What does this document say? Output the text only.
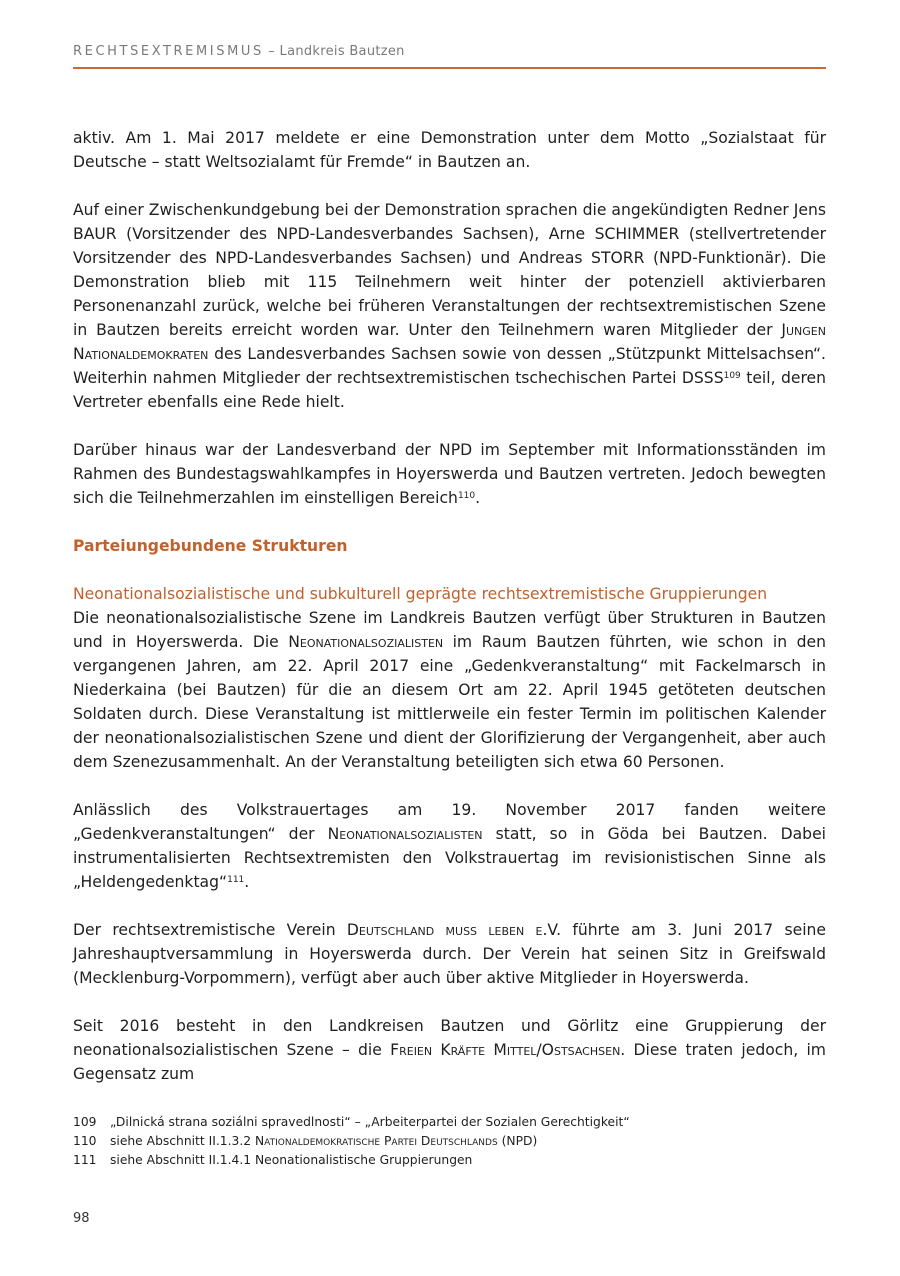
RECHTSEXTREMISMUS – Landkreis Bautzen

aktiv. Am 1. Mai 2017 meldete er eine Demonstration unter dem Motto „Sozialstaat für Deutsche – statt Weltsozialamt für Fremde“ in Bautzen an.

Auf einer Zwischenkundgebung bei der Demonstration sprachen die angekündigten Redner Jens BAUR (Vorsitzender des NPD-Landesverbandes Sachsen), Arne SCHIMMER (stellvertretender Vorsitzender des NPD-Landesverbandes Sachsen) und Andreas STORR (NPD-Funktionär). Die Demonstration blieb mit 115 Teilnehmern weit hinter der potenziell aktivierbaren Personenanzahl zurück, welche bei früheren Veranstaltungen der rechtsextremistischen Szene in Bautzen bereits erreicht worden war. Unter den Teilnehmern waren Mitglieder der Jungen Nationaldemokraten des Landesverbandes Sachsen sowie von dessen „Stützpunkt Mittelsachsen“. Weiterhin nahmen Mitglieder der rechtsextremistischen tschechischen Partei DSSS$^{109}$ teil, deren Vertreter ebenfalls eine Rede hielt.

Darüber hinaus war der Landesverband der NPD im September mit Informationsständen im Rahmen des Bundestagswahlkampfes in Hoyerswerda und Bautzen vertreten. Jedoch bewegten sich die Teilnehmerzahlen im einstelligen Bereich$^{110}$.

Parteiungebundene Strukturen
Neonationalsozialistische und subkulturell geprägte rechtsextremistische Gruppierungen

Die neonationalsozialistische Szene im Landkreis Bautzen verfügt über Strukturen in Bautzen und in Hoyerswerda. Die Neonationalsozialisten im Raum Bautzen führten, wie schon in den vergangenen Jahren, am 22. April 2017 eine „Gedenkveranstaltung“ mit Fackelmarsch in Niederkaina (bei Bautzen) für die an diesem Ort am 22. April 1945 getöteten deutschen Soldaten durch. Diese Veranstaltung ist mittlerweile ein fester Termin im politischen Kalender der neonationalsozialistischen Szene und dient der Glorifizierung der Vergangenheit, aber auch dem Szenezusammenhalt. An der Veranstaltung beteiligten sich etwa 60 Personen.

Anlässlich des Volkstrauertages am 19. November 2017 fanden weitere „Gedenkveranstaltungen“ der Neonationalsozialisten statt, so in Göda bei Bautzen. Dabei instrumentalisierten Rechtsextremisten den Volkstrauertag im revisionistischen Sinne als „Heldengedenktag“$^{111}$.

Der rechtsextremistische Verein Deutschland muss leben e.V. führte am 3. Juni 2017 seine Jahreshauptversammlung in Hoyerswerda durch. Der Verein hat seinen Sitz in Greifswald (Mecklenburg-Vorpommern), verfügt aber auch über aktive Mitglieder in Hoyerswerda.

Seit 2016 besteht in den Landkreisen Bautzen und Görlitz eine Gruppierung der neonationalsozialistischen Szene – die Freien Kräfte Mittel/Ostsachsen. Diese traten jedoch, im Gegensatz zum

109	„Dilnická strana soziálni spravedlnosti“ – „Arbeiterpartei der Sozialen Gerechtigkeit“
110	siehe Abschnitt II.1.3.2 Nationaldemokratische Partei Deutschlands (NPD)
111	siehe Abschnitt II.1.4.1 Neonationalistische Gruppierungen
98
